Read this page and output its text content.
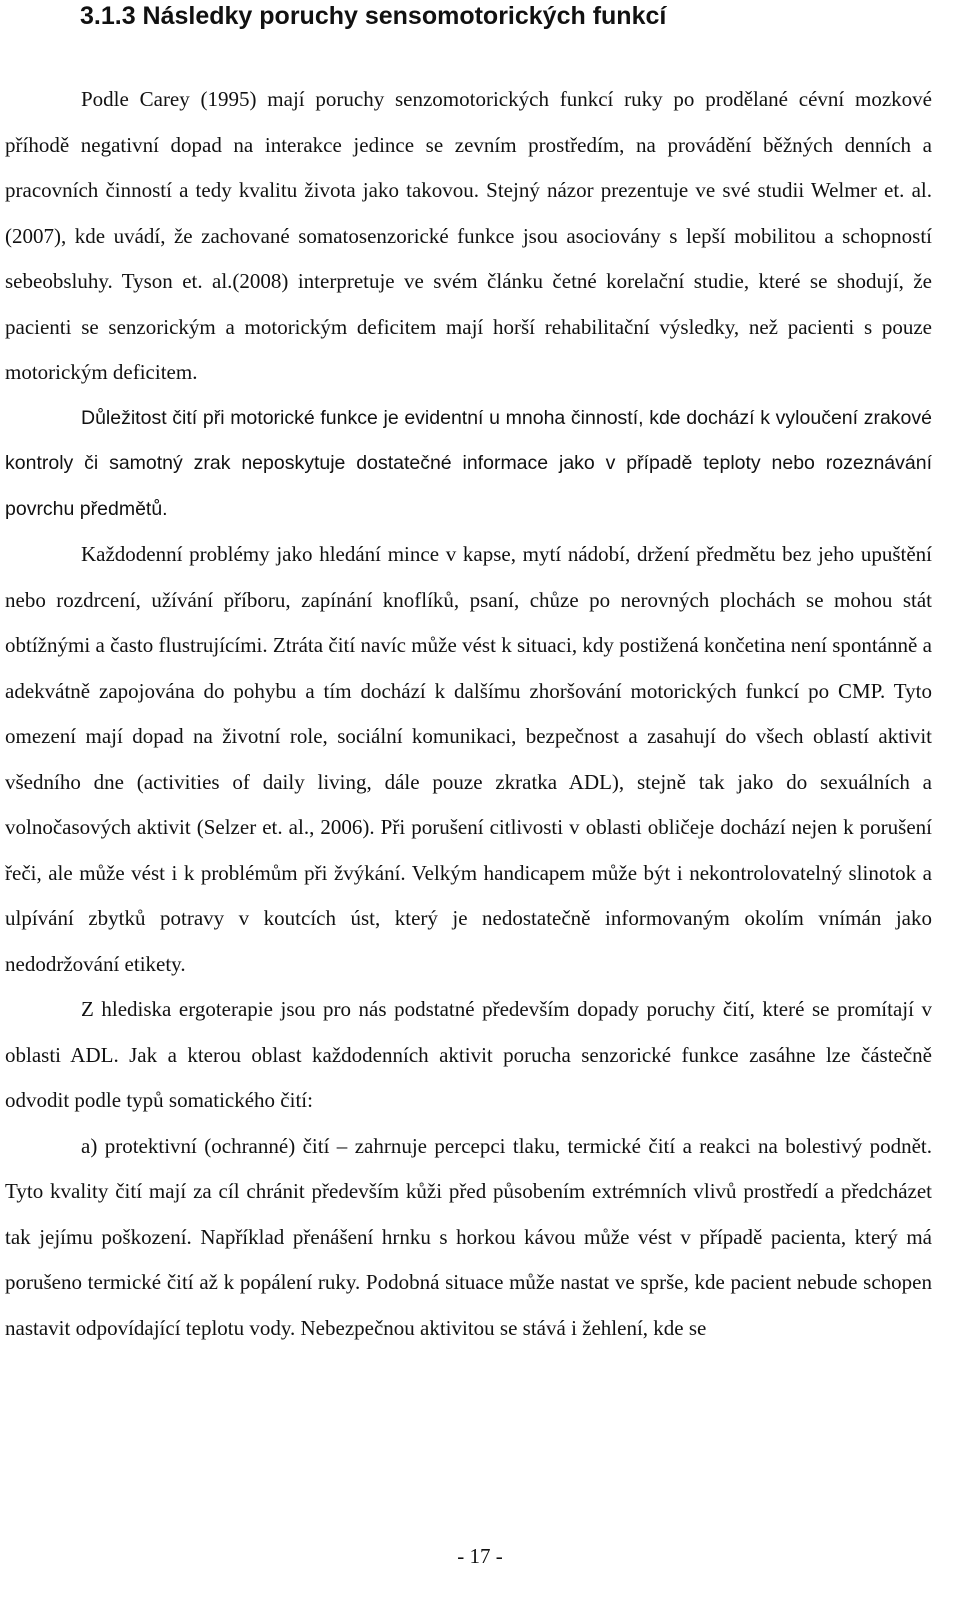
3.1.3 Následky poruchy sensomotorických funkcí

Podle Carey (1995) mají poruchy senzomotorických funkcí ruky po prodělané cévní mozkové příhodě negativní dopad na interakce jedince se zevním prostředím, na provádění běžných denních a pracovních činností a tedy kvalitu života jako takovou. Stejný názor prezentuje ve své studii Welmer et. al. (2007), kde uvádí, že zachované somatosenzorické funkce jsou asociovány s lepší mobilitou a schopností sebeobsluhy. Tyson et. al.(2008) interpretuje ve svém článku četné korelační studie, které se shodují, že pacienti se senzorickým a motorickým deficitem mají horší rehabilitační výsledky, než pacienti s pouze motorickým deficitem.

Důležitost čití při motorické funkce je evidentní u mnoha činností, kde dochází k vyloučení zrakové kontroly či samotný zrak neposkytuje dostatečné informace jako v případě teploty nebo rozeznávání povrchu předmětů.

Každodenní problémy jako hledání mince v kapse, mytí nádobí, držení předmětu bez jeho upuštění nebo rozdrcení, užívání příboru, zapínání knoflíků, psaní, chůze po nerovných plochách se mohou stát obtížnými a často flustrujícími. Ztráta čití navíc může vést k situaci, kdy postižená končetina není spontánně a adekvátně zapojována do pohybu a tím dochází k dalšímu zhoršování motorických funkcí po CMP. Tyto omezení mají dopad na životní role, sociální komunikaci, bezpečnost a zasahují do všech oblastí aktivit všedního dne (activities of daily living, dále pouze zkratka ADL), stejně tak jako do sexuálních a volnočasových aktivit (Selzer et. al., 2006). Při porušení citlivosti v oblasti obličeje dochází nejen k porušení řeči, ale může vést i k problémům při žvýkání. Velkým handicapem může být i nekontrolovatelný slinotok a ulpívání zbytků potravy v koutcích úst, který je nedostatečně informovaným okolím vnímán jako nedodržování etikety.

Z hlediska ergoterapie jsou pro nás podstatné především dopady poruchy čití, které se promítají v oblasti ADL. Jak a kterou oblast každodenních aktivit porucha senzorické funkce zasáhne lze částečně odvodit podle typů somatického čití:

a) protektivní (ochranné) čití – zahrnuje percepci tlaku, termické čití a reakci na bolestivý podnět. Tyto kvality čití mají za cíl chránit především kůži před působením extrémních vlivů prostředí a předcházet tak jejímu poškození. Například přenášení hrnku s horkou kávou může vést v případě pacienta, který má porušeno termické čití až k popálení ruky. Podobná situace může nastat ve sprše, kde pacient nebude schopen nastavit odpovídající teplotu vody. Nebezpečnou aktivitou se stává i žehlení, kde se

- 17 -
